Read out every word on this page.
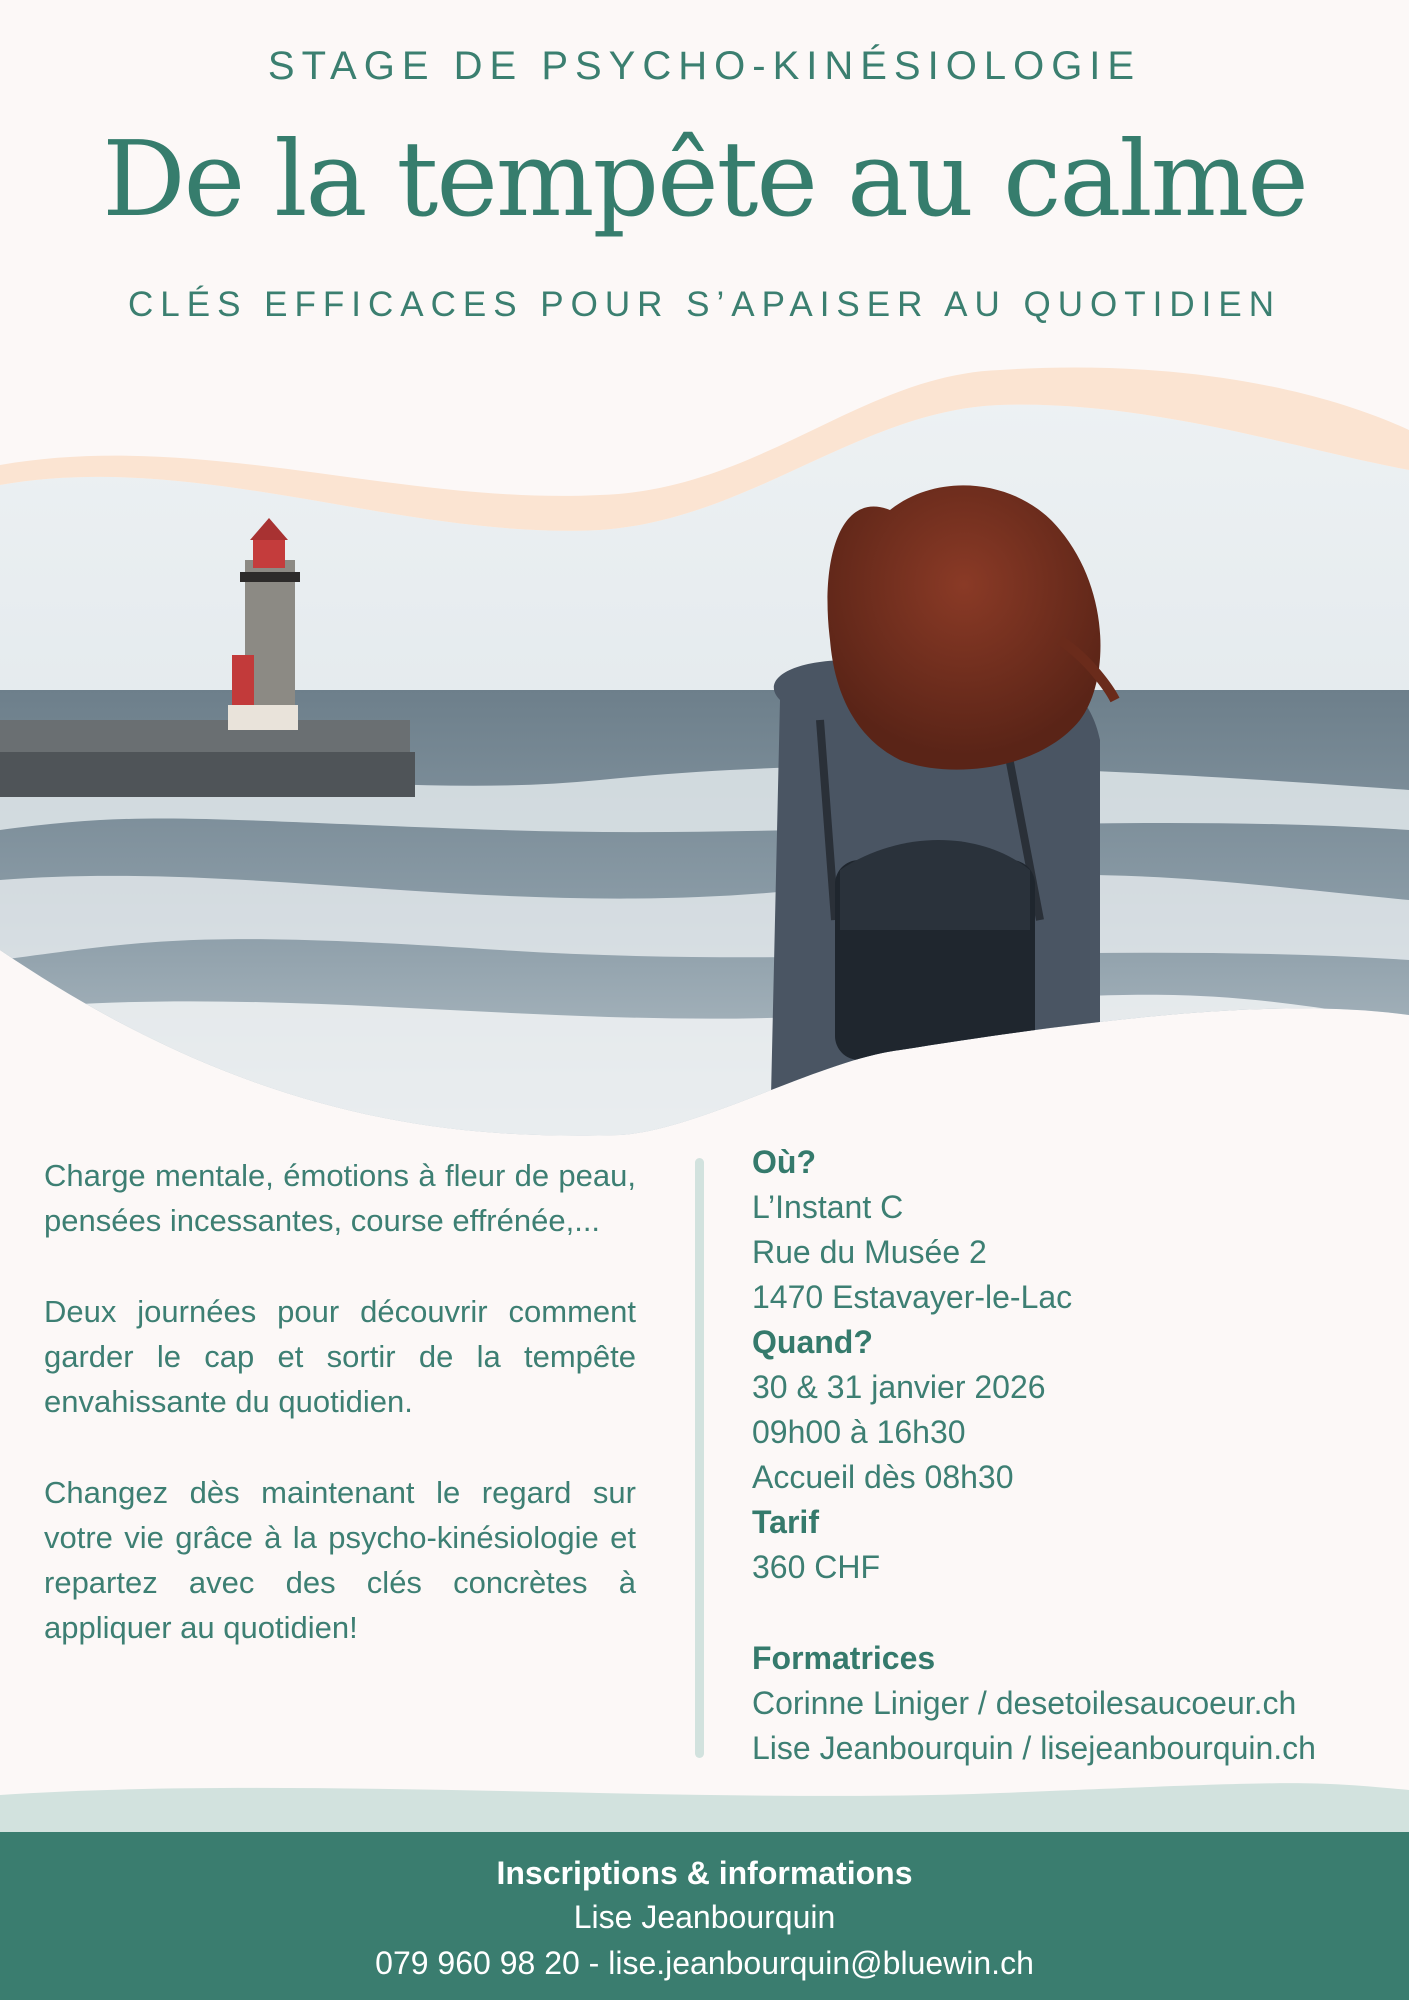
STAGE DE PSYCHO-KINÉSIOLOGIE
De la tempête au calme
CLÉS EFFICACES POUR S’APAISER AU QUOTIDIEN

Charge mentale, émotions à fleur de peau, pensées incessantes, course effrénée,...

Deux journées pour découvrir comment garder le cap et sortir de la tempête envahissante du quotidien.

Changez dès maintenant le regard sur votre vie grâce à la psycho-kinésiologie et repartez avec des clés concrètes à appliquer au quotidien!

Où?
L’Instant C
Rue du Musée 2
1470 Estavayer-le-Lac
Quand?
30 & 31 janvier 2026
09h00 à 16h30
Accueil dès 08h30
Tarif
360 CHF
Formatrices
Corinne Liniger / desetoilesaucoeur.ch
Lise Jeanbourquin / lisejeanbourquin.ch
Inscriptions & informations
Lise Jeanbourquin
079 960 98 20 - lise.jeanbourquin@bluewin.ch
